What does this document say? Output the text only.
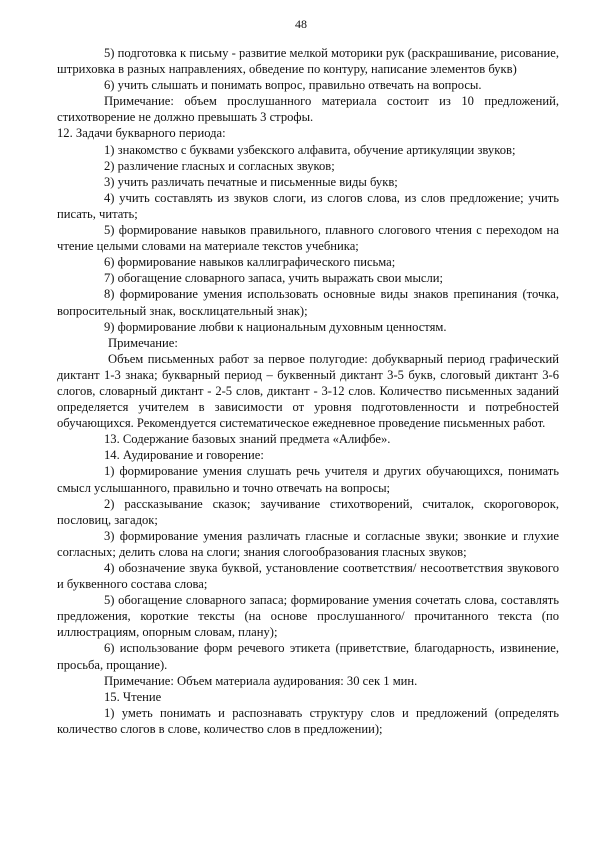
48

5) подготовка к письму - развитие мелкой моторики рук (раскрашивание, рисование, штриховка в разных направлениях, обведение по контуру, написание элементов букв)

6) учить слышать и понимать вопрос, правильно отвечать на вопросы.

Примечание: объем прослушанного материала состоит из 10 предложений, стихотворение не должно превышать 3 строфы.

12. Задачи букварного периода:

1) знакомство с буквами узбекского алфавита, обучение артикуляции звуков;

2) различение гласных и согласных звуков;

3) учить различать печатные и письменные виды букв;

4) учить составлять из звуков слоги, из слогов слова, из слов предложение; учить писать, читать;

5) формирование навыков правильного, плавного слогового чтения с переходом на чтение целыми словами на материале текстов учебника;

6) формирование навыков каллиграфического письма;

7) обогащение словарного запаса, учить выражать свои мысли;

8) формирование умения использовать основные виды знаков препинания (точка, вопросительный знак, восклицательный знак);

9) формирование любви к национальным духовным ценностям.

Примечание:

Объем письменных работ за первое полугодие: добукварный период графический диктант 1-3 знака; букварный период – буквенный диктант 3-5 букв, слоговый диктант 3-6 слогов, словарный диктант - 2-5 слов, диктант - 3-12 слов. Количество письменных заданий определяется учителем в зависимости от уровня подготовленности и потребностей обучающихся. Рекомендуется систематическое ежедневное проведение письменных работ.

13. Содержание базовых знаний предмета «Алифбе».

14. Аудирование и говорение:

1) формирование умения слушать речь учителя и других обучающихся, понимать смысл услышанного, правильно и точно отвечать на вопросы;

2) рассказывание сказок; заучивание стихотворений, считалок, скороговорок, пословиц, загадок;

3) формирование умения различать гласные и согласные звуки; звонкие и глухие согласных; делить слова на слоги; знания слогообразования гласных звуков;

4) обозначение звука буквой, установление соответствия/ несоответствия звукового и буквенного состава слова;

5) обогащение словарного запаса; формирование умения сочетать слова, составлять предложения, короткие тексты (на основе прослушанного/ прочитанного текста (по иллюстрациям, опорным словам, плану);

6) использование форм речевого этикета (приветствие, благодарность, извинение, просьба, прощание).

Примечание: Объем материала аудирования: 30 сек 1 мин.

15. Чтение

1) уметь понимать и распознавать структуру слов и предложений (определять количество слогов в слове, количество слов в предложении);
